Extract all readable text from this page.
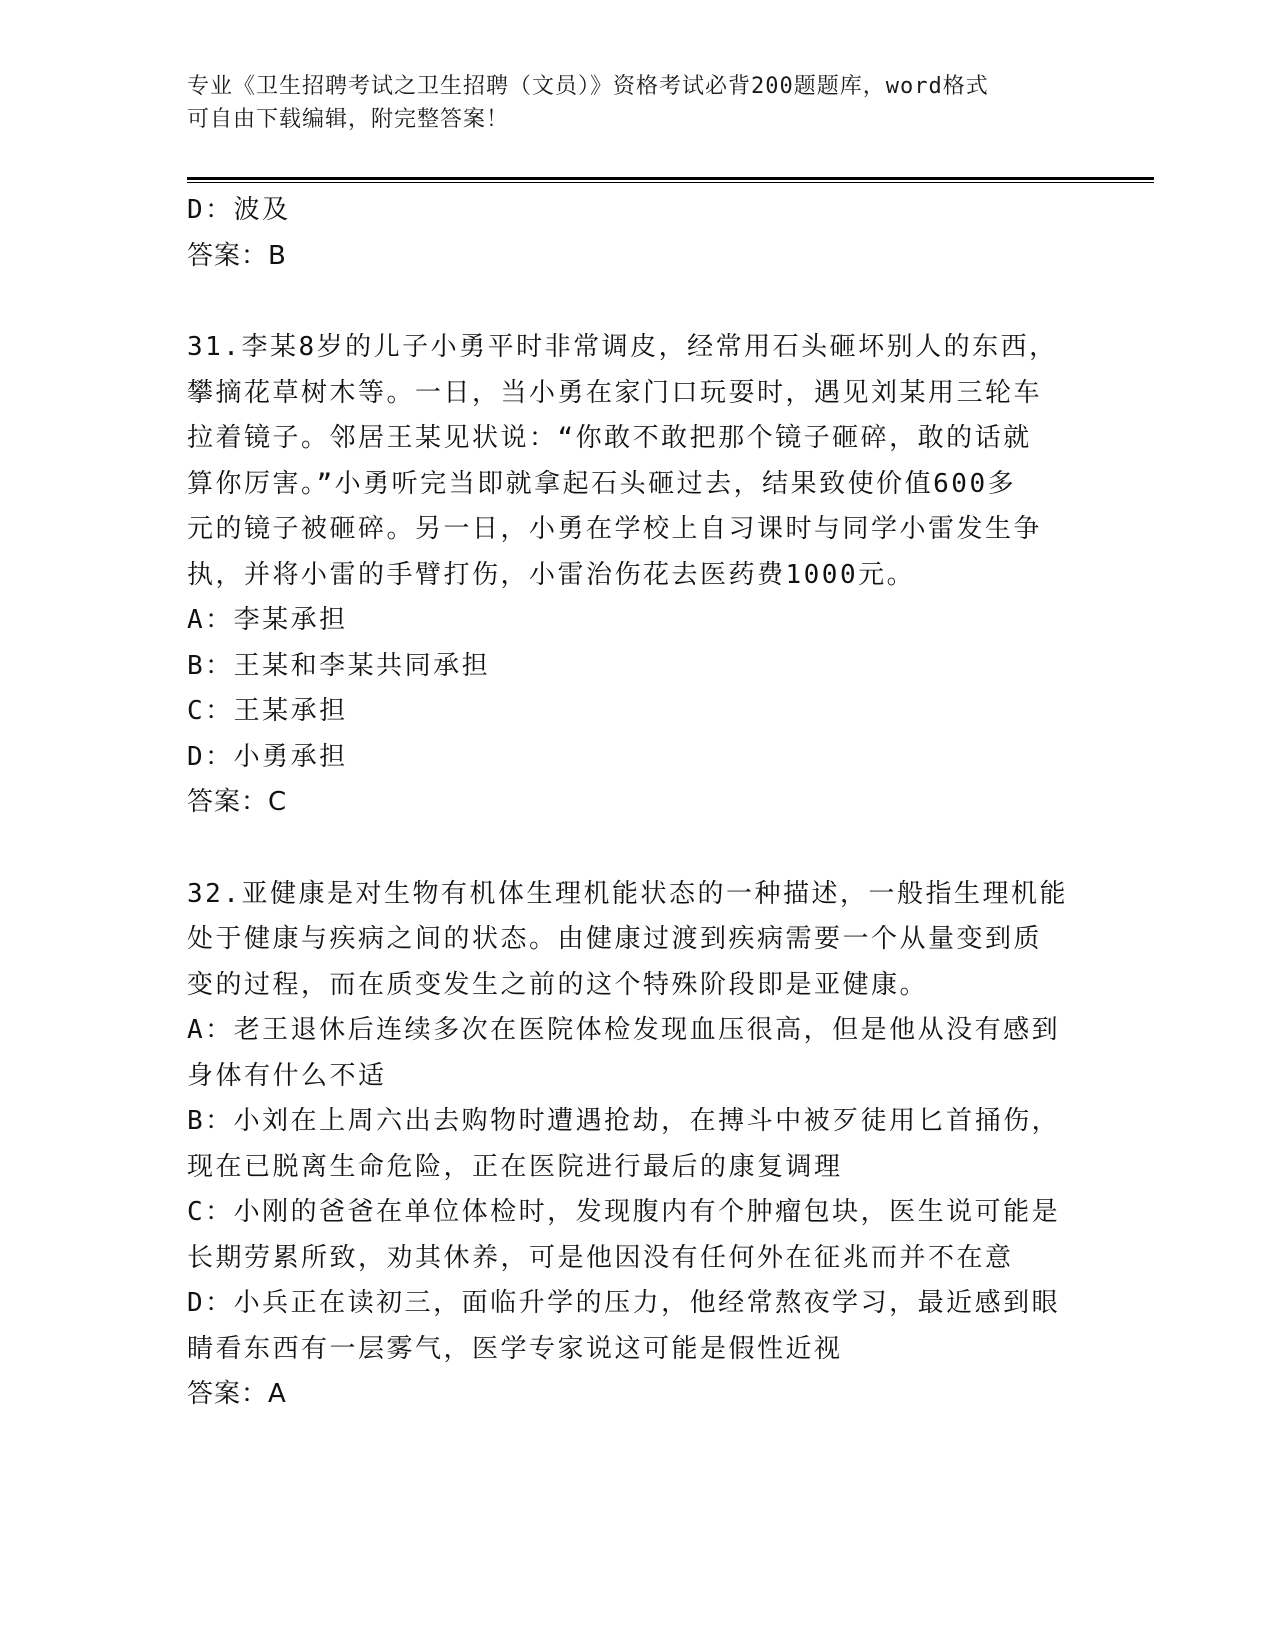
专业《卫生招聘考试之卫生招聘（文员）》资格考试必背200题题库，word格式
可自由下载编辑，附完整答案！
D：波及
答案：B
31.李某8岁的儿子小勇平时非常调皮，经常用石头砸坏别人的东西，
攀摘花草树木等。一日，当小勇在家门口玩耍时，遇见刘某用三轮车
拉着镜子。邻居王某见状说：“你敢不敢把那个镜子砸碎，敢的话就
算你厉害。”小勇听完当即就拿起石头砸过去，结果致使价值600多
元的镜子被砸碎。另一日，小勇在学校上自习课时与同学小雷发生争
执，并将小雷的手臂打伤，小雷治伤花去医药费1000元。
A：李某承担
B：王某和李某共同承担
C：王某承担
D：小勇承担
答案：C
32.亚健康是对生物有机体生理机能状态的一种描述，一般指生理机能
处于健康与疾病之间的状态。由健康过渡到疾病需要一个从量变到质
变的过程，而在质变发生之前的这个特殊阶段即是亚健康。
A：老王退休后连续多次在医院体检发现血压很高，但是他从没有感到
身体有什么不适
B：小刘在上周六出去购物时遭遇抢劫，在搏斗中被歹徒用匕首捅伤，
现在已脱离生命危险，正在医院进行最后的康复调理
C：小刚的爸爸在单位体检时，发现腹内有个肿瘤包块，医生说可能是
长期劳累所致，劝其休养，可是他因没有任何外在征兆而并不在意
D：小兵正在读初三，面临升学的压力，他经常熬夜学习，最近感到眼
睛看东西有一层雾气，医学专家说这可能是假性近视
答案：A
